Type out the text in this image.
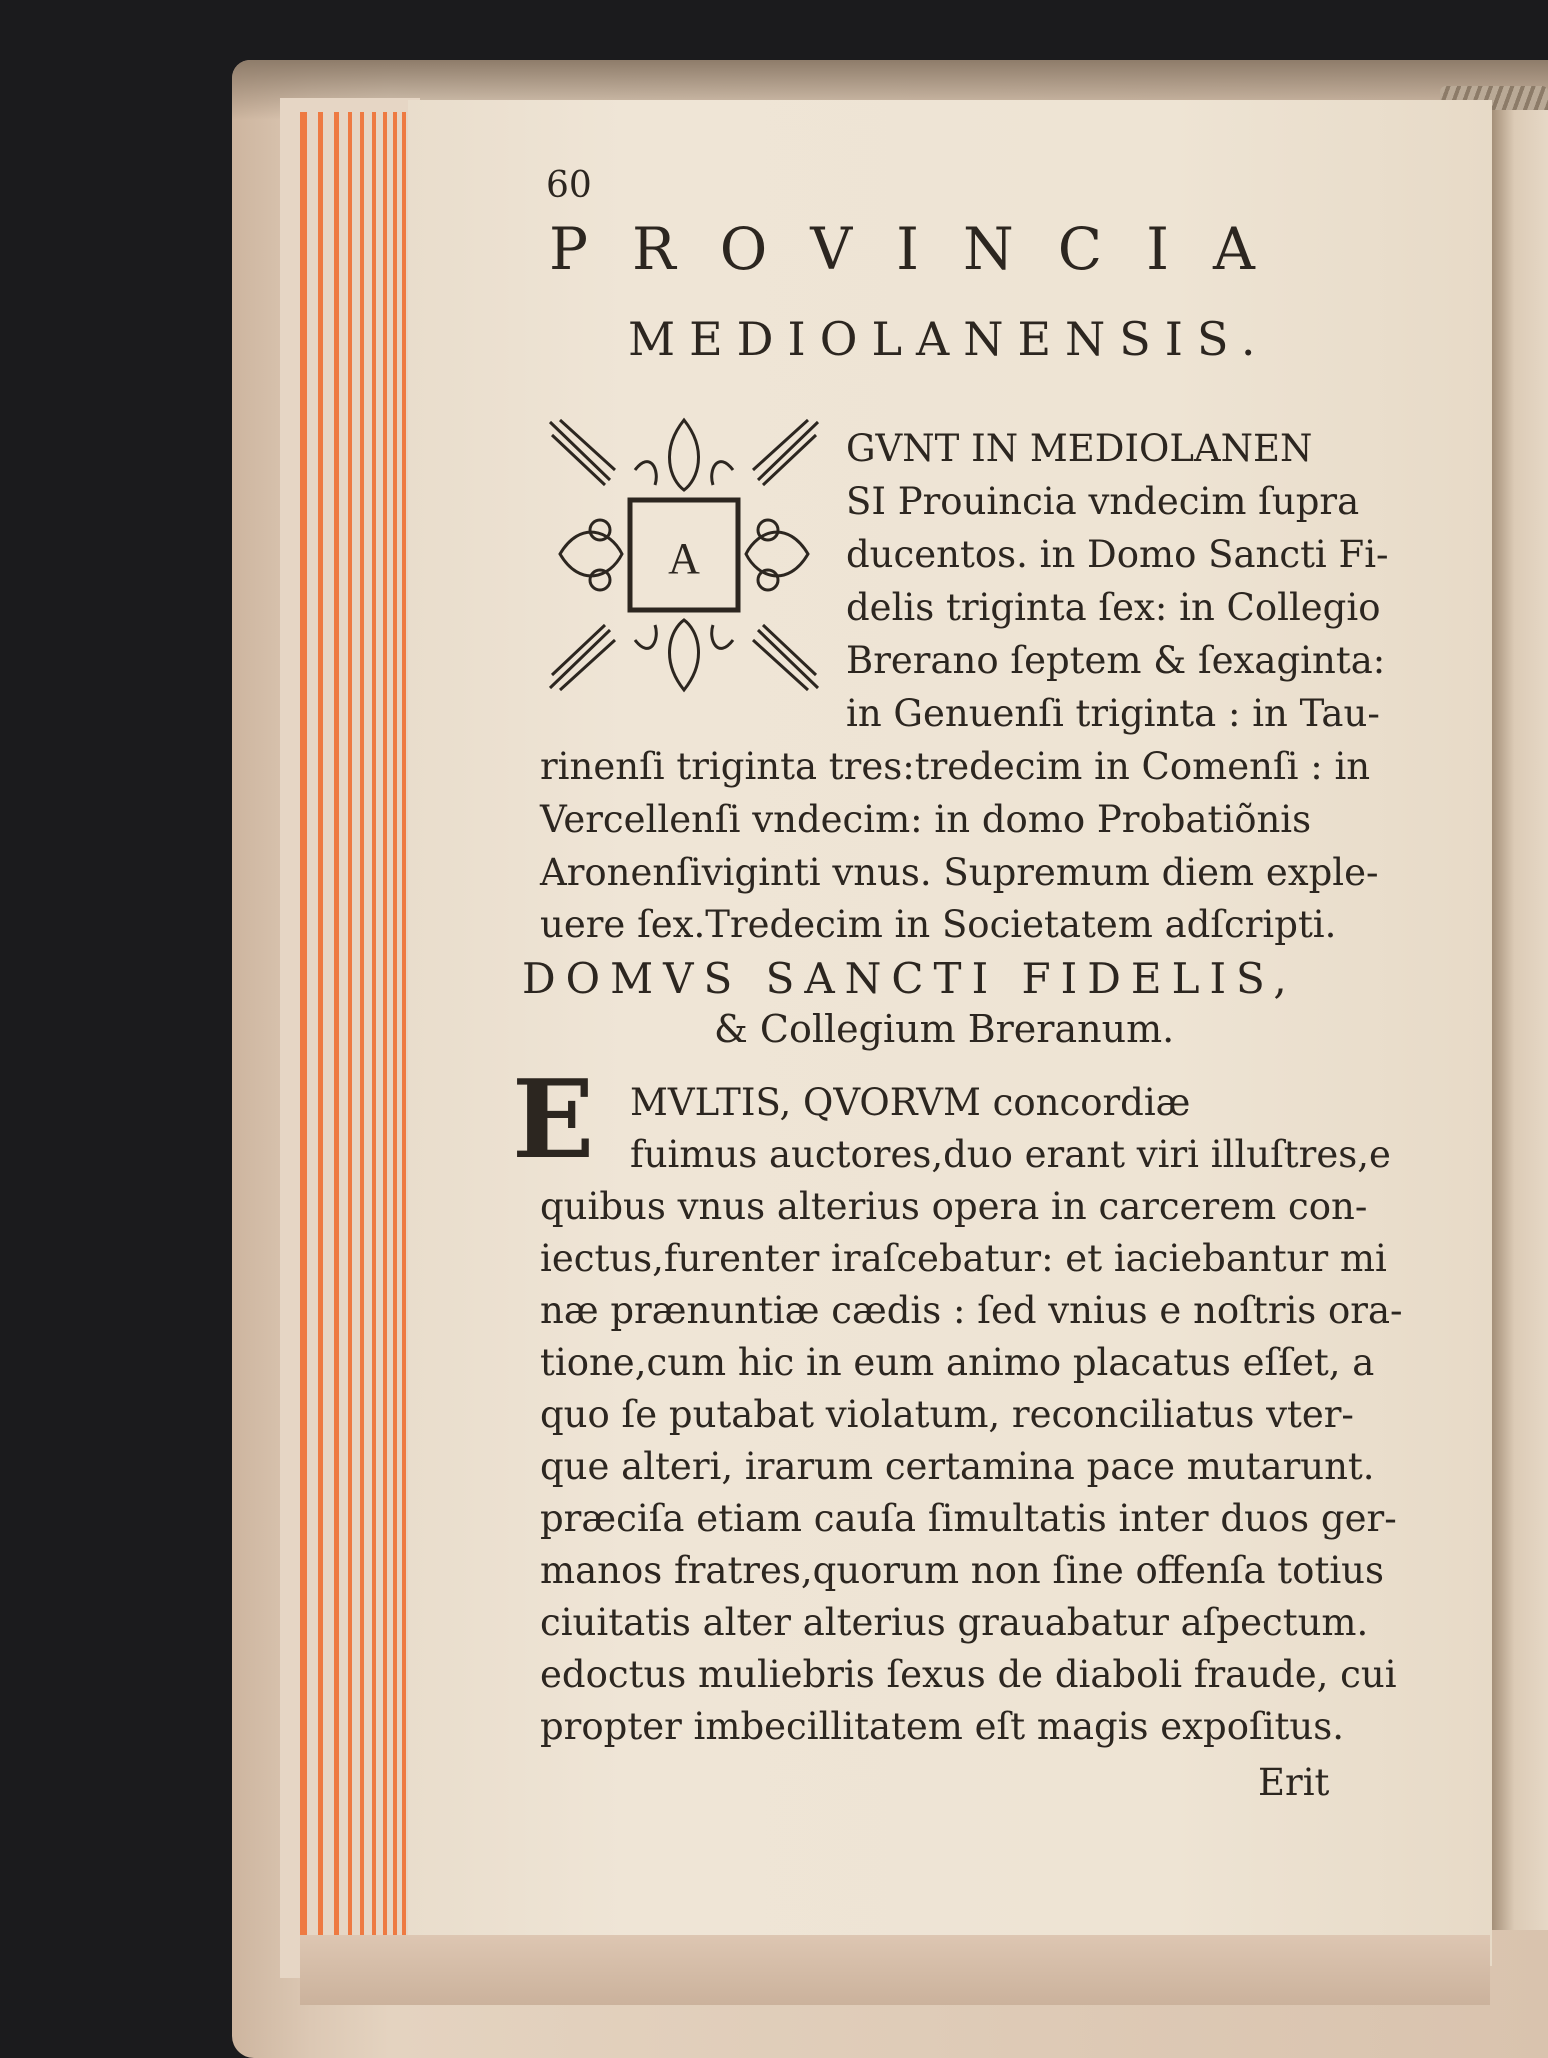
60
PROVINCIA
MEDIOLANENSIS.
A
GVNT IN MEDIOLANEN
SI Prouincia vndecim ſupra
ducentos. in Domo Sancti Fi-
delis triginta ſex: in Collegio
Brerano ſeptem & ſexaginta:
in Genuenſi triginta : in Tau-
rinenſi triginta tres:tredecim in Comenſi : in
Vercellenſi vndecim: in domo Probatiõnis
Aronenſiviginti vnus. Supremum diem exple-
uere ſex.Tredecim in Societatem adſcripti.
DOMVS SANCTI FIDELIS,
& Collegium Breranum.
E MVLTIS, QVORVM concordiæ
fuimus auctores,duo erant viri illuſtres,e
quibus vnus alterius opera in carcerem con-
iectus,furenter iraſcebatur: et iaciebantur mi
næ prænuntiæ cædis : ſed vnius e noſtris ora-
tione,cum hic in eum animo placatus eſſet, a
quo ſe putabat violatum, reconciliatus vter-
que alteri, irarum certamina pace mutarunt.
præciſa etiam cauſa ſimultatis inter duos ger-
manos fratres,quorum non ſine offenſa totius
ciuitatis alter alterius grauabatur aſpectum.
edoctus muliebris ſexus de diaboli fraude, cui
propter imbecillitatem eſt magis expoſitus.
Erit
